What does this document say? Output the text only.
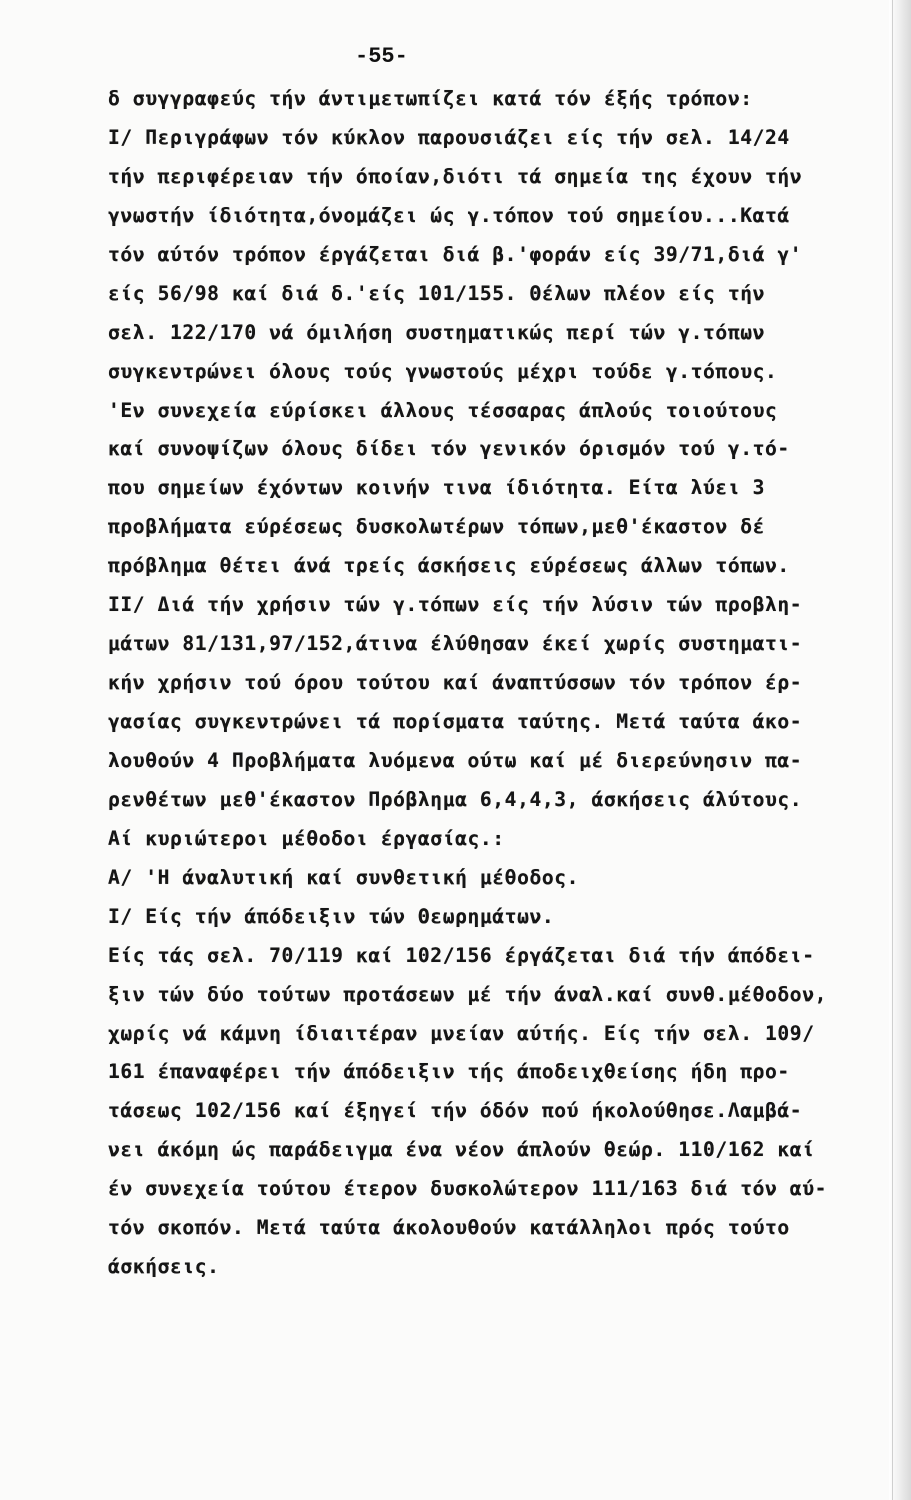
-55-
δ συγγραφεύς τήν άντιμετωπίζει κατά τόν έξής τρόπον:
Ι/ Περιγράφων τόν κύκλον παρουσιάζει είς τήν σελ. 14/24
τήν περιφέρειαν τήν όποίαν,διότι τά σημεία της έχουν τήν
γνωστήν ίδιότητα,όνομάζει ώς γ.τόπον τού σημείου...Κατά
τόν αύτόν τρόπον έργάζεται διά β.'φοράν είς 39/71,διά γ'
είς 56/98 καί διά δ.'είς 101/155. Θέλων πλέον είς τήν
σελ. 122/170 νά όμιλήση συστηματικώς περί τών γ.τόπων
συγκεντρώνει όλους τούς γνωστούς μέχρι τούδε γ.τόπους.
'Εν συνεχεία εύρίσκει άλλους τέσσαρας άπλούς τοιούτους
καί συνοψίζων όλους δίδει τόν γενικόν όρισμόν τού γ.τό-
που σημείων έχόντων κοινήν τινα ίδιότητα. Είτα λύει 3
προβλήματα εύρέσεως δυσκολωτέρων τόπων,μεθ'έκαστον δέ
πρόβλημα θέτει άνά τρείς άσκήσεις εύρέσεως άλλων τόπων.
ΙΙ/ Διά τήν χρήσιν τών γ.τόπων είς τήν λύσιν τών προβλη-
μάτων 81/131,97/152,άτινα έλύθησαν έκεί χωρίς συστηματι-
κήν χρήσιν τού όρου τούτου καί άναπτύσσων τόν τρόπον έρ-
γασίας συγκεντρώνει τά πορίσματα ταύτης. Μετά ταύτα άκο-
λουθούν 4 Προβλήματα λυόμενα ούτω καί μέ διερεύνησιν πα-
ρενθέτων μεθ'έκαστον Πρόβλημα 6,4,4,3, άσκήσεις άλύτους.
Αί κυριώτεροι μέθοδοι έργασίας.:
Α/ 'Η άναλυτική καί συνθετική μέθοδος.
Ι/ Είς τήν άπόδειξιν τών Θεωρημάτων.
Είς τάς σελ. 70/119 καί 102/156 έργάζεται διά τήν άπόδει-
ξιν τών δύο τούτων προτάσεων μέ τήν άναλ.καί συνθ.μέθοδον,
χωρίς νά κάμνη ίδιαιτέραν μνείαν αύτής. Είς τήν σελ. 109/
161 έπαναφέρει τήν άπόδειξιν τής άποδειχθείσης ήδη προ-
τάσεως 102/156 καί έξηγεί τήν όδόν πού ήκολούθησε.Λαμβά-
νει άκόμη ώς παράδειγμα ένα νέον άπλούν θεώρ. 110/162 καί
έν συνεχεία τούτου έτερον δυσκολώτερον 111/163 διά τόν αύ-
τόν σκοπόν. Μετά ταύτα άκολουθούν κατάλληλοι πρός τούτο
άσκήσεις.
